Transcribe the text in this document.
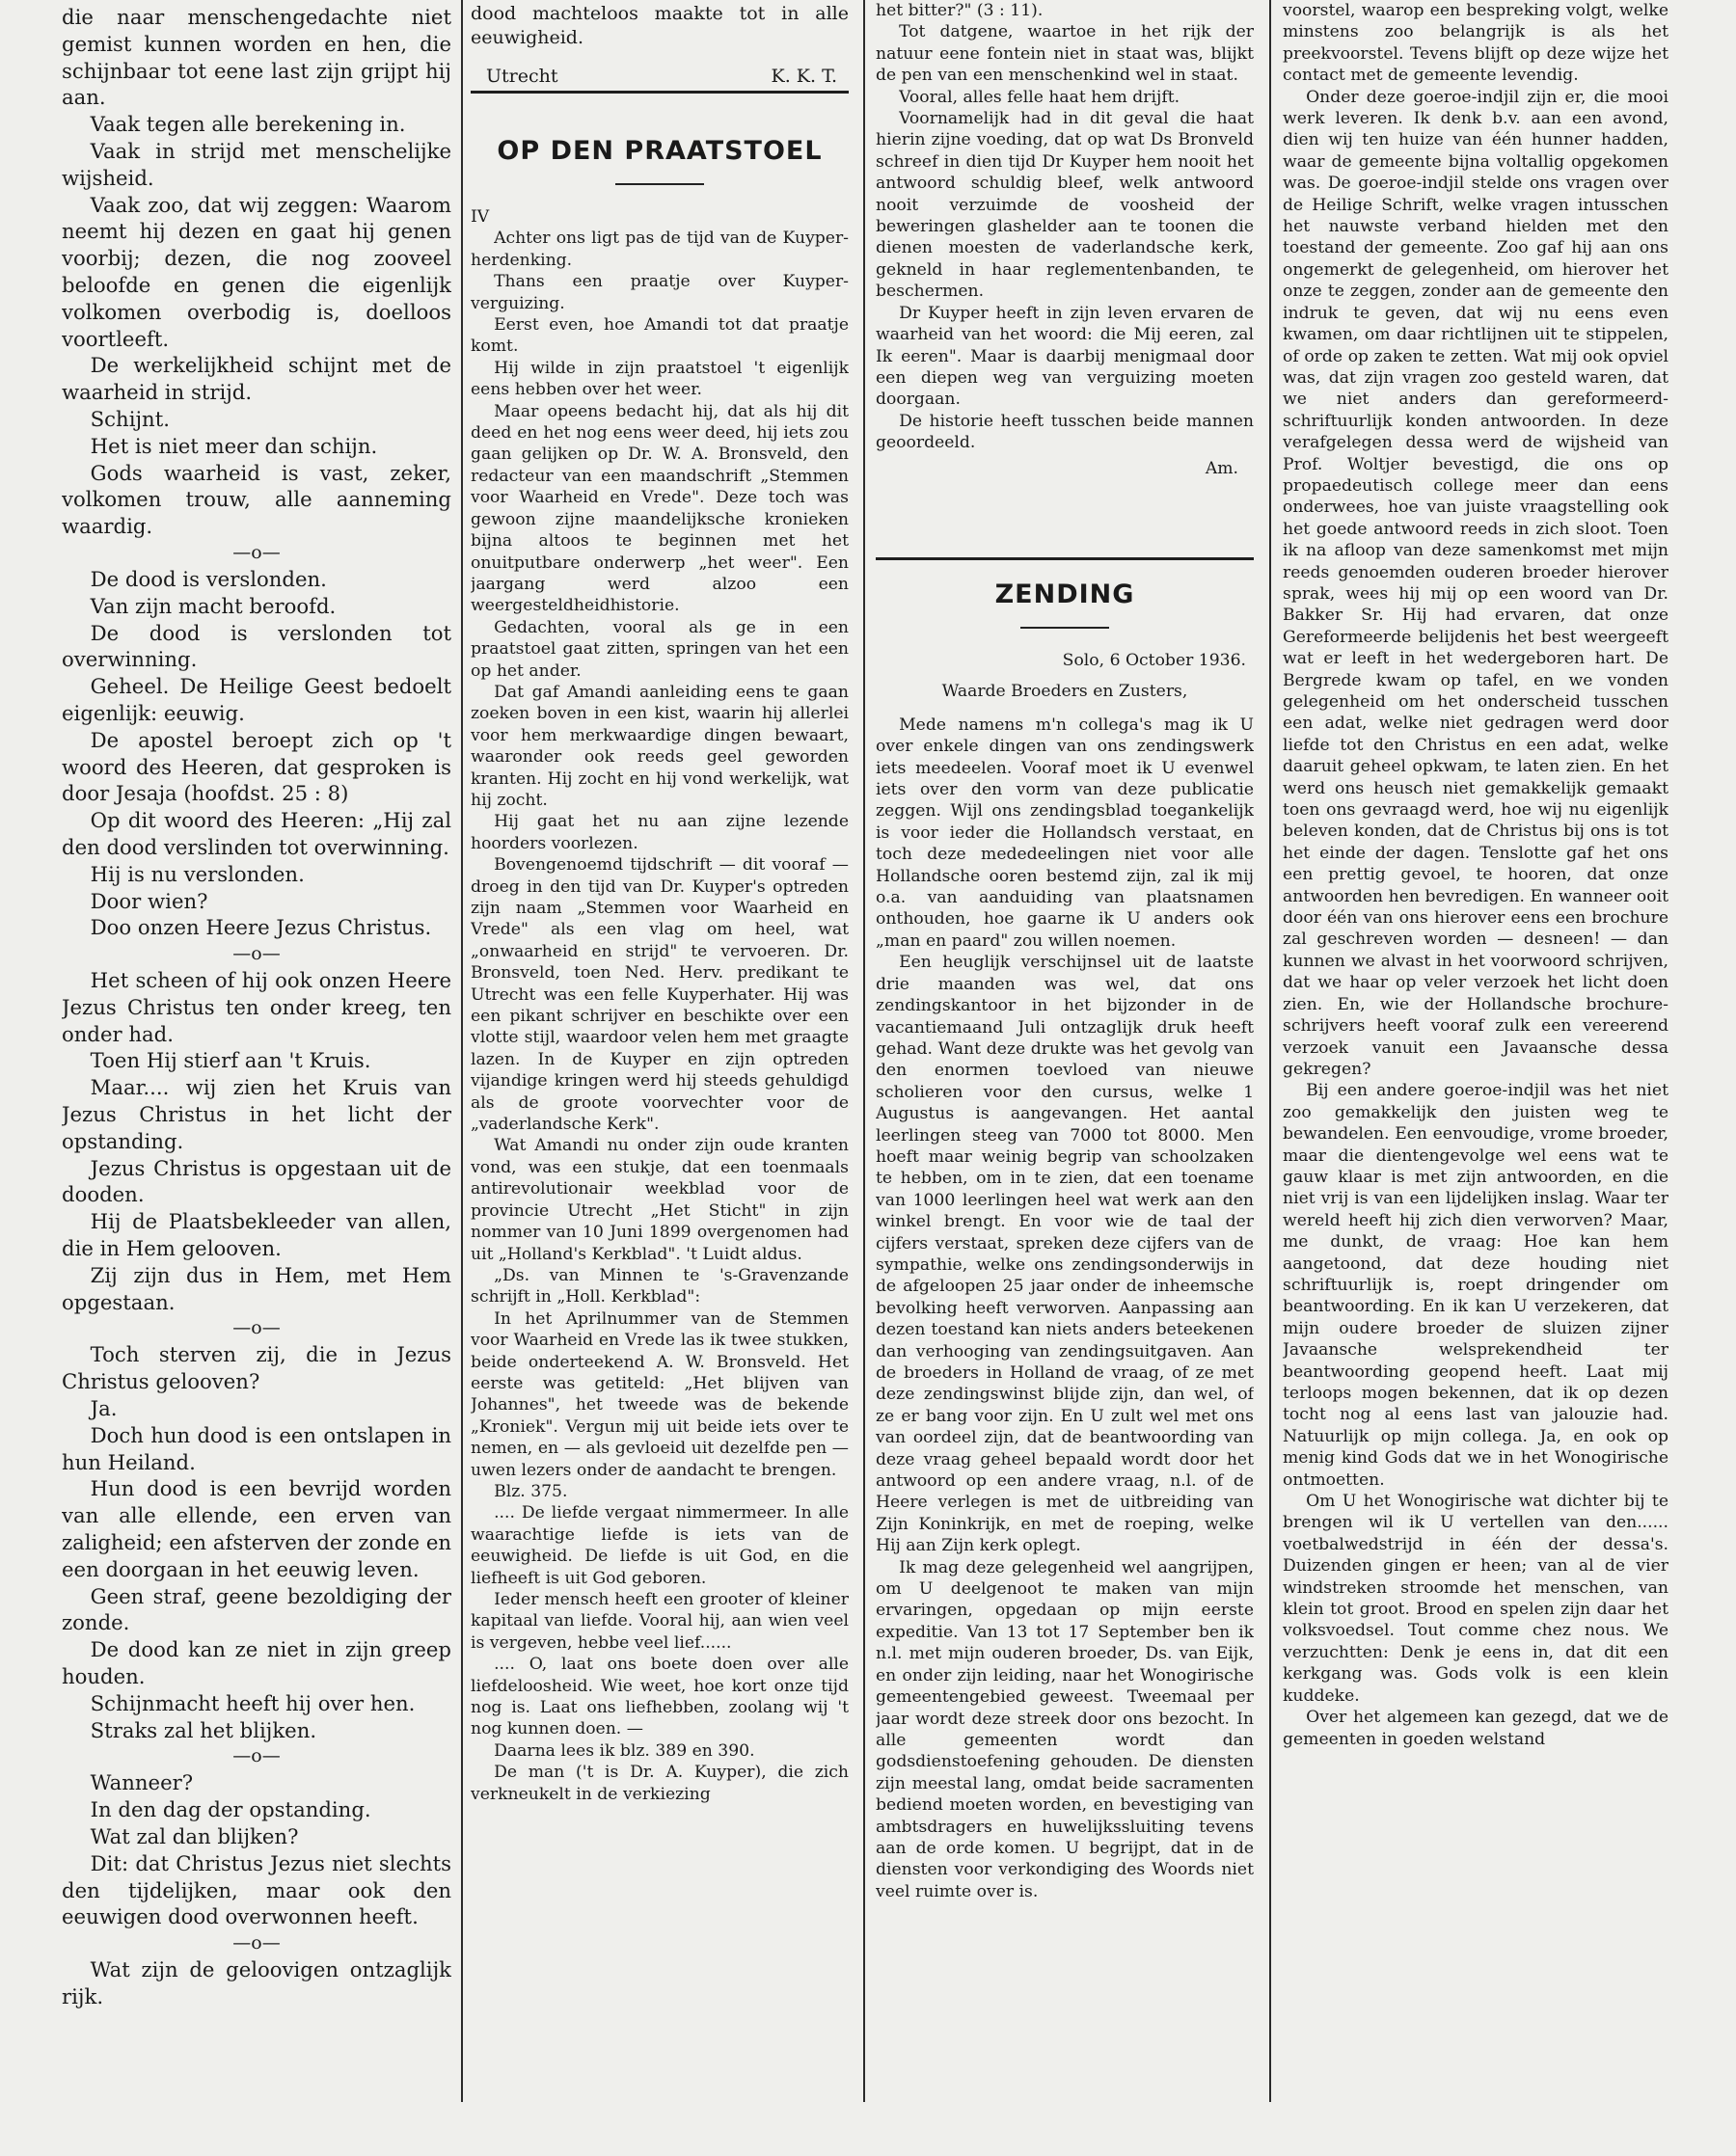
die naar menschengedachte niet gemist kunnen worden en hen, die schijnbaar tot eene last zijn grijpt hij aan.

Vaak tegen alle berekening in.

Vaak in strijd met menschelijke wijsheid.

Vaak zoo, dat wij zeggen: Waarom neemt hij dezen en gaat hij genen voorbij; dezen, die nog zooveel beloofde en genen die eigenlijk volkomen overbodig is, doelloos voortleeft.

De werkelijkheid schijnt met de waarheid in strijd.

Schijnt.

Het is niet meer dan schijn.

Gods waarheid is vast, zeker, volkomen trouw, alle aanneming waardig.

—o—

De dood is verslonden.

Van zijn macht beroofd.

De dood is verslonden tot overwinning.

Geheel. De Heilige Geest bedoelt eigenlijk: eeuwig.

De apostel beroept zich op 't woord des Heeren, dat gesproken is door Jesaja (hoofdst. 25 : 8)

Op dit woord des Heeren: „Hij zal den dood verslinden tot overwinning.

Hij is nu verslonden.

Door wien?

Doo onzen Heere Jezus Christus.

—o—

Het scheen of hij ook onzen Heere Jezus Christus ten onder kreeg, ten onder had.

Toen Hij stierf aan 't Kruis.

Maar.... wij zien het Kruis van Jezus Christus in het licht der opstanding.

Jezus Christus is opgestaan uit de dooden.

Hij de Plaatsbekleeder van allen, die in Hem gelooven.

Zij zijn dus in Hem, met Hem opgestaan.

—o—

Toch sterven zij, die in Jezus Christus gelooven?

Ja.

Doch hun dood is een ontslapen in hun Heiland.

Hun dood is een bevrijd worden van alle ellende, een erven van zaligheid; een afsterven der zonde en een doorgaan in het eeuwig leven.

Geen straf, geene bezoldiging der zonde.

De dood kan ze niet in zijn greep houden.

Schijnmacht heeft hij over hen.

Straks zal het blijken.

—o—

Wanneer?

In den dag der opstanding.

Wat zal dan blijken?

Dit: dat Christus Jezus niet slechts den tijdelijken, maar ook den eeuwigen dood overwonnen heeft.

—o—

Wat zijn de geloovigen ontzaglijk rijk.

dood machteloos maakte tot in alle eeuwigheid.

Utrecht	K. K. T.
OP DEN PRAATSTOEL

IV

Achter ons ligt pas de tijd van de Kuyper-herdenking.

Thans een praatje over Kuyper-verguizing.

Eerst even, hoe Amandi tot dat praatje komt.

Hij wilde in zijn praatstoel 't eigenlijk eens hebben over het weer.

Maar opeens bedacht hij, dat als hij dit deed en het nog eens weer deed, hij iets zou gaan gelijken op Dr. W. A. Bronsveld, den redacteur van een maandschrift „Stemmen voor Waarheid en Vrede". Deze toch was gewoon zijne maandelijksche kronieken bijna altoos te beginnen met het onuitputbare onderwerp „het weer". Een jaargang werd alzoo een weergesteldheidhistorie.

Gedachten, vooral als ge in een praatstoel gaat zitten, springen van het een op het ander.

Dat gaf Amandi aanleiding eens te gaan zoeken boven in een kist, waarin hij allerlei voor hem merkwaardige dingen bewaart, waaronder ook reeds geel geworden kranten. Hij zocht en hij vond werkelijk, wat hij zocht.

Hij gaat het nu aan zijne lezende hoorders voorlezen.

Bovengenoemd tijdschrift — dit vooraf — droeg in den tijd van Dr. Kuyper's optreden zijn naam „Stemmen voor Waarheid en Vrede" als een vlag om heel, wat „onwaarheid en strijd" te vervoeren. Dr. Bronsveld, toen Ned. Herv. predikant te Utrecht was een felle Kuyperhater. Hij was een pikant schrijver en beschikte over een vlotte stijl, waardoor velen hem met graagte lazen. In de Kuyper en zijn optreden vijandige kringen werd hij steeds gehuldigd als de groote voorvechter voor de „vaderlandsche Kerk".

Wat Amandi nu onder zijn oude kranten vond, was een stukje, dat een toenmaals antirevolutionair weekblad voor de provincie Utrecht „Het Sticht" in zijn nommer van 10 Juni 1899 overgenomen had uit „Holland's Kerkblad". 't Luidt aldus.

„Ds. van Minnen te 's-Gravenzande schrijft in „Holl. Kerkblad":

In het Aprilnummer van de Stemmen voor Waarheid en Vrede las ik twee stukken, beide onderteekend A. W. Bronsveld. Het eerste was getiteld: „Het blijven van Johannes", het tweede was de bekende „Kroniek". Vergun mij uit beide iets over te nemen, en — als gevloeid uit dezelfde pen — uwen lezers onder de aandacht te brengen.

Blz. 375.

.... De liefde vergaat nimmermeer. In alle waarachtige liefde is iets van de eeuwigheid. De liefde is uit God, en die liefheeft is uit God geboren.

Ieder mensch heeft een grooter of kleiner kapitaal van liefde. Vooral hij, aan wien veel is vergeven, hebbe veel lief......

.... O, laat ons boete doen over alle liefdeloosheid. Wie weet, hoe kort onze tijd nog is. Laat ons liefhebben, zoolang wij 't nog kunnen doen. —

Daarna lees ik blz. 389 en 390.

De man ('t is Dr. A. Kuyper), die zich verkneukelt in de verkiezing

het bitter?" (3 : 11).

Tot datgene, waartoe in het rijk der natuur eene fontein niet in staat was, blijkt de pen van een menschenkind wel in staat.

Vooral, alles felle haat hem drijft.

Voornamelijk had in dit geval die haat hierin zijne voeding, dat op wat Ds Bronveld schreef in dien tijd Dr Kuyper hem nooit het antwoord schuldig bleef, welk antwoord nooit verzuimde de voosheid der beweringen glashelder aan te toonen die dienen moesten de vaderlandsche kerk, gekneld in haar reglementenbanden, te beschermen.

Dr Kuyper heeft in zijn leven ervaren de waarheid van het woord: die Mij eeren, zal Ik eeren". Maar is daarbij menigmaal door een diepen weg van verguizing moeten doorgaan.

De historie heeft tusschen beide mannen geoordeeld.

Am.

ZENDING

Solo, 6 October 1936.

Waarde Broeders en Zusters,

Mede namens m'n collega's mag ik U over enkele dingen van ons zendingswerk iets meedeelen. Vooraf moet ik U evenwel iets over den vorm van deze publicatie zeggen. Wijl ons zendingsblad toegankelijk is voor ieder die Hollandsch verstaat, en toch deze mededeelingen niet voor alle Hollandsche ooren bestemd zijn, zal ik mij o.a. van aanduiding van plaatsnamen onthouden, hoe gaarne ik U anders ook „man en paard" zou willen noemen.

Een heuglijk verschijnsel uit de laatste drie maanden was wel, dat ons zendingskantoor in het bijzonder in de vacantiemaand Juli ontzaglijk druk heeft gehad. Want deze drukte was het gevolg van den enormen toevloed van nieuwe scholieren voor den cursus, welke 1 Augustus is aangevangen. Het aantal leerlingen steeg van 7000 tot 8000. Men hoeft maar weinig begrip van schoolzaken te hebben, om in te zien, dat een toename van 1000 leerlingen heel wat werk aan den winkel brengt. En voor wie de taal der cijfers verstaat, spreken deze cijfers van de sympathie, welke ons zendingsonderwijs in de afgeloopen 25 jaar onder de inheemsche bevolking heeft verworven. Aanpassing aan dezen toestand kan niets anders beteekenen dan verhooging van zendingsuitgaven. Aan de broeders in Holland de vraag, of ze met deze zendingswinst blijde zijn, dan wel, of ze er bang voor zijn. En U zult wel met ons van oordeel zijn, dat de beantwoording van deze vraag geheel bepaald wordt door het antwoord op een andere vraag, n.l. of de Heere verlegen is met de uitbreiding van Zijn Koninkrijk, en met de roeping, welke Hij aan Zijn kerk oplegt.

Ik mag deze gelegenheid wel aangrijpen, om U deelgenoot te maken van mijn ervaringen, opgedaan op mijn eerste expeditie. Van 13 tot 17 September ben ik n.l. met mijn ouderen broeder, Ds. van Eijk, en onder zijn leiding, naar het Wonogirische gemeentengebied geweest. Tweemaal per jaar wordt deze streek door ons bezocht. In alle gemeenten wordt dan godsdienstoefening gehouden. De diensten zijn meestal lang, omdat beide sacramenten bediend moeten worden, en bevestiging van ambtsdragers en huwelijkssluiting tevens aan de orde komen. U begrijpt, dat in de diensten voor verkondiging des Woords niet veel ruimte over is.

voorstel, waarop een bespreking volgt, welke minstens zoo belangrijk is als het preekvoorstel. Tevens blijft op deze wijze het contact met de gemeente levendig.

Onder deze goeroe-indjil zijn er, die mooi werk leveren. Ik denk b.v. aan een avond, dien wij ten huize van één hunner hadden, waar de gemeente bijna voltallig opgekomen was. De goeroe-indjil stelde ons vragen over de Heilige Schrift, welke vragen intusschen het nauwste verband hielden met den toestand der gemeente. Zoo gaf hij aan ons ongemerkt de gelegenheid, om hierover het onze te zeggen, zonder aan de gemeente den indruk te geven, dat wij nu eens even kwamen, om daar richtlijnen uit te stippelen, of orde op zaken te zetten. Wat mij ook opviel was, dat zijn vragen zoo gesteld waren, dat we niet anders dan gereformeerd-schriftuurlijk konden antwoorden. In deze verafgelegen dessa werd de wijsheid van Prof. Woltjer bevestigd, die ons op propaedeutisch college meer dan eens onderwees, hoe van juiste vraagstelling ook het goede antwoord reeds in zich sloot. Toen ik na afloop van deze samenkomst met mijn reeds genoemden ouderen broeder hierover sprak, wees hij mij op een woord van Dr. Bakker Sr. Hij had ervaren, dat onze Gereformeerde belijdenis het best weergeeft wat er leeft in het wedergeboren hart. De Bergrede kwam op tafel, en we vonden gelegenheid om het onderscheid tusschen een adat, welke niet gedragen werd door liefde tot den Christus en een adat, welke daaruit geheel opkwam, te laten zien. En het werd ons heusch niet gemakkelijk gemaakt toen ons gevraagd werd, hoe wij nu eigenlijk beleven konden, dat de Christus bij ons is tot het einde der dagen. Tenslotte gaf het ons een prettig gevoel, te hooren, dat onze antwoorden hen bevredigen. En wanneer ooit door één van ons hierover eens een brochure zal geschreven worden — desneen! — dan kunnen we alvast in het voorwoord schrijven, dat we haar op veler verzoek het licht doen zien. En, wie der Hollandsche brochure-schrijvers heeft vooraf zulk een vereerend verzoek vanuit een Javaansche dessa gekregen?

Bij een andere goeroe-indjil was het niet zoo gemakkelijk den juisten weg te bewandelen. Een eenvoudige, vrome broeder, maar die dientengevolge wel eens wat te gauw klaar is met zijn antwoorden, en die niet vrij is van een lijdelijken inslag. Waar ter wereld heeft hij zich dien verworven? Maar, me dunkt, de vraag: Hoe kan hem aangetoond, dat deze houding niet schriftuurlijk is, roept dringender om beantwoording. En ik kan U verzekeren, dat mijn oudere broeder de sluizen zijner Javaansche welsprekendheid ter beantwoording geopend heeft. Laat mij terloops mogen bekennen, dat ik op dezen tocht nog al eens last van jalouzie had. Natuurlijk op mijn collega. Ja, en ook op menig kind Gods dat we in het Wonogirische ontmoetten.

Om U het Wonogirische wat dichter bij te brengen wil ik U vertellen van den...... voetbalwedstrijd in één der dessa's. Duizenden gingen er heen; van al de vier windstreken stroomde het menschen, van klein tot groot. Brood en spelen zijn daar het volksvoedsel. Tout comme chez nous. We verzuchtten: Denk je eens in, dat dit een kerkgang was. Gods volk is een klein kuddeke.

Over het algemeen kan gezegd, dat we de gemeenten in goeden welstand
